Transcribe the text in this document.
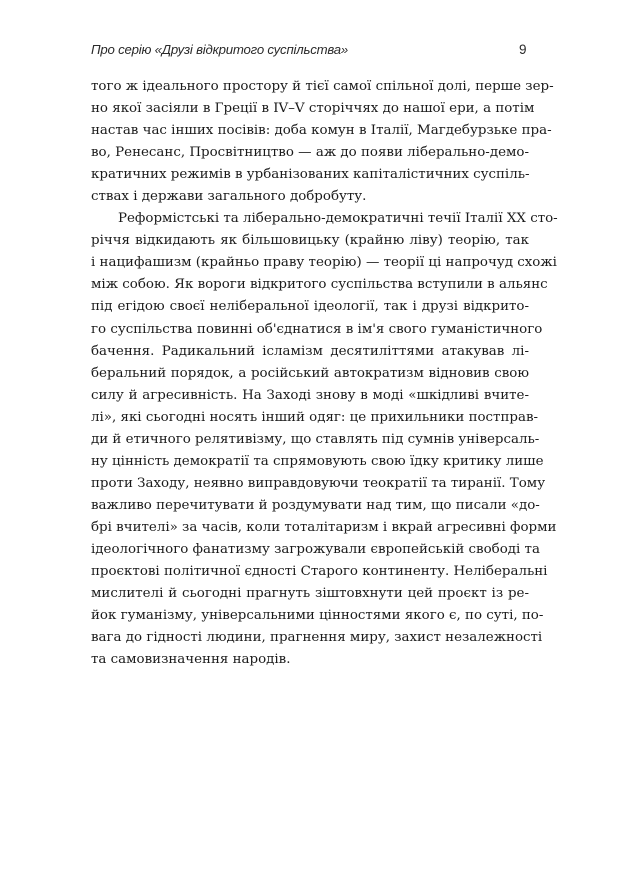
Про серію «Друзі відкритого суспільства»	9
того ж ідеального простору й тієї самої спільної долі, перше зер-
но якої засіяли в Греції в IV–V сторіччях до нашої ери, а потім
настав час інших посівів: доба комун в Італії, Магдебурзьке пра-
во, Ренесанс, Просвітництво — аж до появи ліберально-демо-
кратичних режимів в урбанізованих капіталістичних суспіль-
ствах і держави загального добробуту.
Реформістські та ліберально-демократичні течії Італії XX сто-
річчя відкидають як більшовицьку (крайню ліву) теорію, так
і нацифашизм (крайньо праву теорію) — теорії ці напрочуд схожі
між собою. Як вороги відкритого суспільства вступили в альянс
під егідою своєї неліберальної ідеології, так і друзі відкрито-
го суспільства повинні об'єднатися в ім'я свого гуманістичного
бачення. Радикальний ісламізм десятиліттями атакував лі-
беральний порядок, а російський автократизм відновив свою
силу й агресивність. На Заході знову в моді «шкідливі вчите-
лі», які сьогодні носять інший одяг: це прихильники постправ-
ди й етичного релятивізму, що ставлять під сумнів універсаль-
ну цінність демократії та спрямовують свою їдку критику лише
проти Заходу, неявно виправдовуючи теократії та тиранії. Тому
важливо перечитувати й роздумувати над тим, що писали «до-
брі вчителі» за часів, коли тоталітаризм і вкрай агресивні форми
ідеологічного фанатизму загрожували європейській свободі та
проєктові політичної єдності Старого континенту. Неліберальні
мислителі й сьогодні прагнуть зіштовхнути цей проєкт із ре-
йок гуманізму, універсальними цінностями якого є, по суті, по-
вага до гідності людини, прагнення миру, захист незалежності
та самовизначення народів.
